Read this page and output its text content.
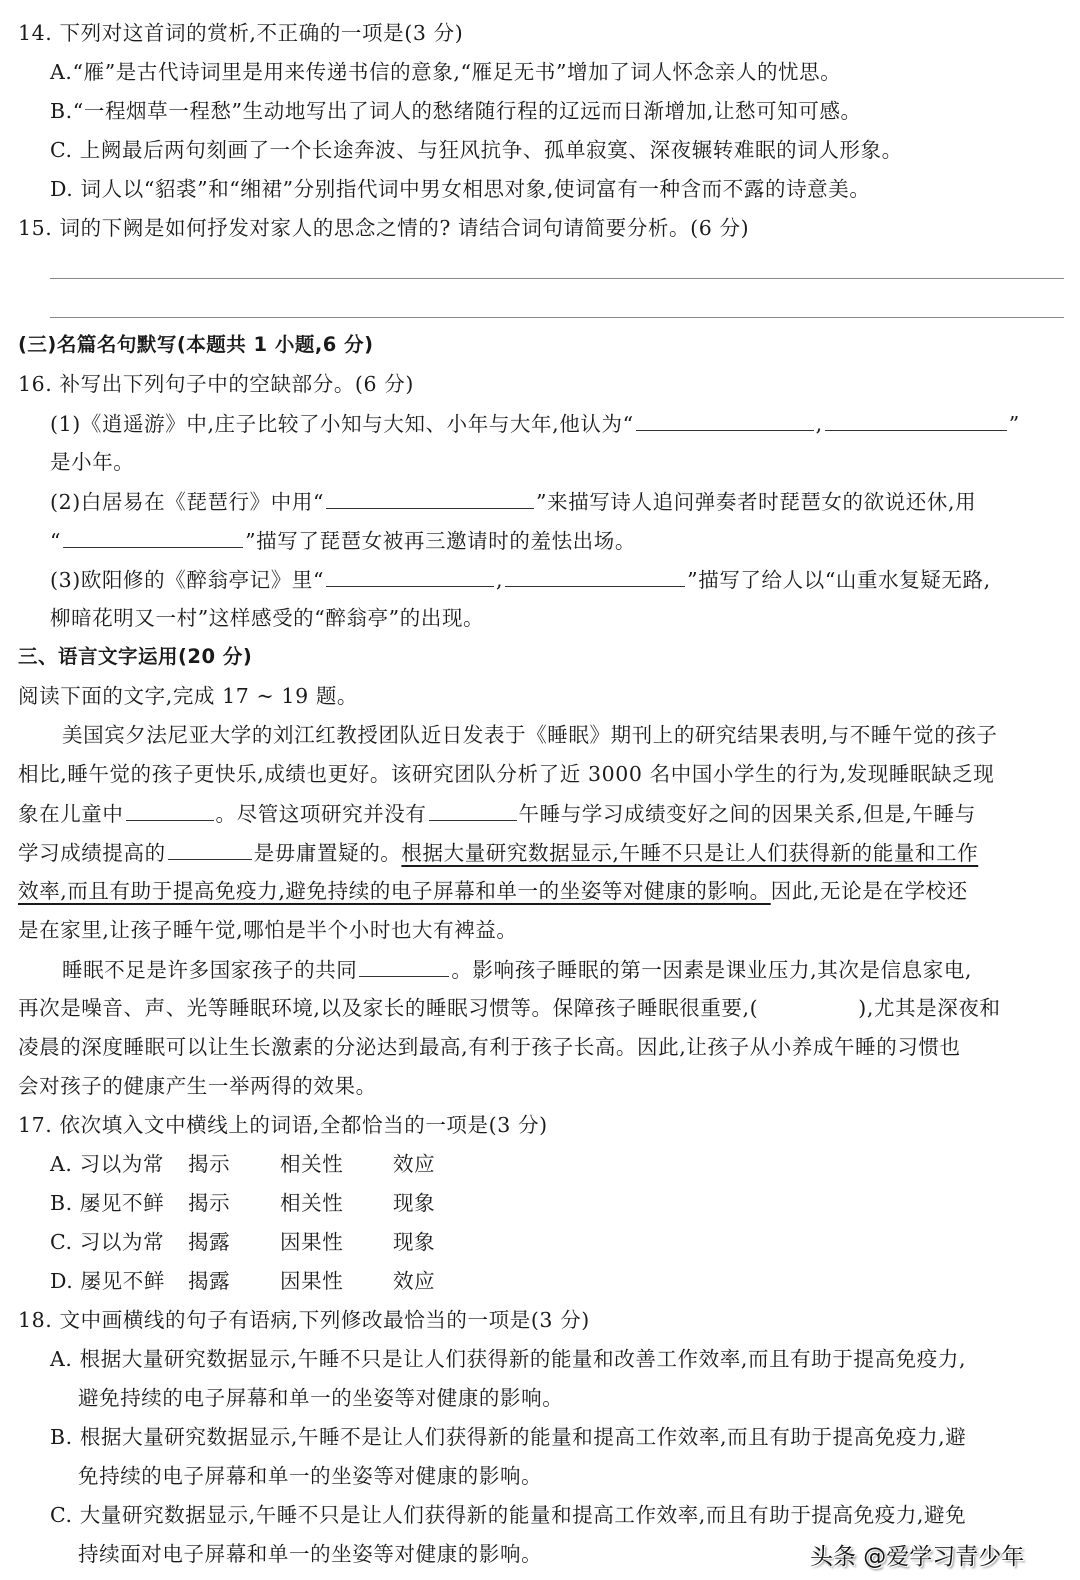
14. 下列对这首词的赏析,不正确的一项是(3 分)
A.“雁”是古代诗词里是用来传递书信的意象,“雁足无书”增加了词人怀念亲人的忧思。
B.“一程烟草一程愁”生动地写出了词人的愁绪随行程的辽远而日渐增加,让愁可知可感。
C. 上阙最后两句刻画了一个长途奔波、与狂风抗争、孤单寂寞、深夜辗转难眠的词人形象。
D. 词人以“貂裘”和“缃裙”分别指代词中男女相思对象,使词富有一种含而不露的诗意美。
15. 词的下阙是如何抒发对家人的思念之情的? 请结合词句请简要分析。(6 分)
(三)名篇名句默写(本题共 1 小题,6 分)
16. 补写出下列句子中的空缺部分。(6 分)
(1)《逍遥游》中,庄子比较了小知与大知、小年与大年,他认为“	,	”
是小年。
(2)白居易在《琵琶行》中用“	”来描写诗人追问弹奏者时琵琶女的欲说还休,用
“	”描写了琵琶女被再三邀请时的羞怯出场。
(3)欧阳修的《醉翁亭记》里“	,	”描写了给人以“山重水复疑无路,
柳暗花明又一村”这样感受的“醉翁亭”的出现。
三、语言文字运用(20 分)
阅读下面的文字,完成 17 ~ 19 题。
美国宾夕法尼亚大学的刘江红教授团队近日发表于《睡眠》期刊上的研究结果表明,与不睡午觉的孩子
相比,睡午觉的孩子更快乐,成绩也更好。该研究团队分析了近 3000 名中国小学生的行为,发现睡眠缺乏现
象在儿童中	。尽管这项研究并没有	午睡与学习成绩变好之间的因果关系,但是,午睡与
学习成绩提高的	是毋庸置疑的。根据大量研究数据显示,午睡不只是让人们获得新的能量和工作
效率,而且有助于提高免疫力,避免持续的电子屏幕和单一的坐姿等对健康的影响。因此,无论是在学校还
是在家里,让孩子睡午觉,哪怕是半个小时也大有裨益。
睡眠不足是许多国家孩子的共同	。影响孩子睡眠的第一因素是课业压力,其次是信息家电,
再次是噪音、声、光等睡眠环境,以及家长的睡眠习惯等。保障孩子睡眠很重要,(	),尤其是深夜和
凌晨的深度睡眠可以让生长激素的分泌达到最高,有利于孩子长高。因此,让孩子从小养成午睡的习惯也
会对孩子的健康产生一举两得的效果。
17. 依次填入文中横线上的词语,全都恰当的一项是(3 分)
A. 习以为常 揭示 相关性 效应
B. 屡见不鲜 揭示 相关性 现象
C. 习以为常 揭露 因果性 现象
D. 屡见不鲜 揭露 因果性 效应
18. 文中画横线的句子有语病,下列修改最恰当的一项是(3 分)
A. 根据大量研究数据显示,午睡不只是让人们获得新的能量和改善工作效率,而且有助于提高免疫力,
避免持续的电子屏幕和单一的坐姿等对健康的影响。
B. 根据大量研究数据显示,午睡不是让人们获得新的能量和提高工作效率,而且有助于提高免疫力,避
免持续的电子屏幕和单一的坐姿等对健康的影响。
C. 大量研究数据显示,午睡不只是让人们获得新的能量和提高工作效率,而且有助于提高免疫力,避免
持续面对电子屏幕和单一的坐姿等对健康的影响。	头条 @爱学习青少年
